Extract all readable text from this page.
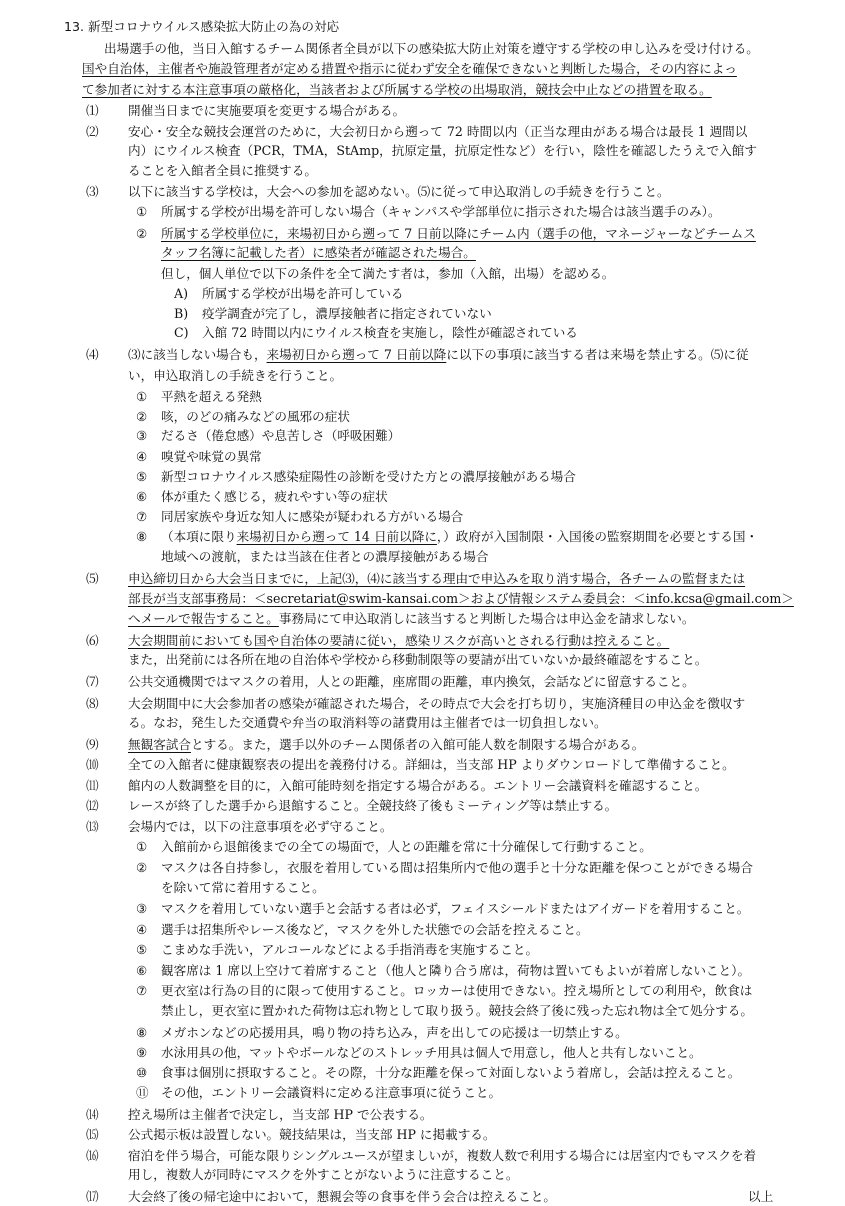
13. 新型コロナウイルス感染拡大防止の為の対応
出場選手の他，当日入館するチーム関係者全員が以下の感染拡大防止対策を遵守する学校の申し込みを受け付ける。
国や自治体，主催者や施設管理者が定める措置や指示に従わず安全を確保できないと判断した場合，その内容によっ
て参加者に対する本注意事項の厳格化，当該者および所属する学校の出場取消，競技会中止などの措置を取る。
⑴ 開催当日までに実施要項を変更する場合がある。
⑵ 安心・安全な競技会運営のために，大会初日から遡って 72 時間以内（正当な理由がある場合は最長 1 週間以
内）にウイルス検査（PCR，TMA，StAmp，抗原定量，抗原定性など）を行い，陰性を確認したうえで入館す
ることを入館者全員に推奨する。
⑶ 以下に該当する学校は，大会への参加を認めない。⑸に従って申込取消しの手続きを行うこと。
① 所属する学校が出場を許可しない場合（キャンパスや学部単位に指示された場合は該当選手のみ）。
② 所属する学校単位に，来場初日から遡って 7 日前以降にチーム内（選手の他，マネージャーなどチームス
タッフ名簿に記載した者）に感染者が確認された場合。
但し，個人単位で以下の条件を全て満たす者は，参加（入館，出場）を認める。
A) 所属する学校が出場を許可している
B) 疫学調査が完了し，濃厚接触者に指定されていない
C) 入館 72 時間以内にウイルス検査を実施し，陰性が確認されている
⑷ ⑶に該当しない場合も，来場初日から遡って 7 日前以降に以下の事項に該当する者は来場を禁止する。⑸に従
い，申込取消しの手続きを行うこと。
① 平熱を超える発熱
② 咳，のどの痛みなどの風邪の症状
③ だるさ（倦怠感）や息苦しさ（呼吸困難）
④ 嗅覚や味覚の異常
⑤ 新型コロナウイルス感染症陽性の診断を受けた方との濃厚接触がある場合
⑥ 体が重たく感じる，疲れやすい等の症状
⑦ 同居家族や身近な知人に感染が疑われる方がいる場合
⑧ （本項に限り来場初日から遡って 14 日前以降に，）政府が入国制限・入国後の監察期間を必要とする国・
地域への渡航，または当該在住者との濃厚接触がある場合
⑸ 申込締切日から大会当日までに，上記⑶，⑷に該当する理由で申込みを取り消す場合，各チームの監督または
部長が当支部事務局：＜secretariat@swim-kansai.com＞および情報システム委員会：＜info.kcsa@gmail.com＞
へメールで報告すること。事務局にて申込取消しに該当すると判断した場合は申込金を請求しない。
⑹ 大会期間前においても国や自治体の要請に従い，感染リスクが高いとされる行動は控えること。
また，出発前には各所在地の自治体や学校から移動制限等の要請が出ていないか最終確認をすること。
⑺ 公共交通機関ではマスクの着用，人との距離，座席間の距離，車内換気，会話などに留意すること。
⑻ 大会期間中に大会参加者の感染が確認された場合，その時点で大会を打ち切り，実施済種目の申込金を徴収す
る。なお，発生した交通費や弁当の取消料等の諸費用は主催者では一切負担しない。
⑼ 無観客試合とする。また，選手以外のチーム関係者の入館可能人数を制限する場合がある。
⑽ 全ての入館者に健康観察表の提出を義務付ける。詳細は，当支部 HP よりダウンロードして準備すること。
⑾ 館内の人数調整を目的に，入館可能時刻を指定する場合がある。エントリー会議資料を確認すること。
⑿ レースが終了した選手から退館すること。全競技終了後もミーティング等は禁止する。
⒀ 会場内では，以下の注意事項を必ず守ること。
① 入館前から退館後までの全ての場面で，人との距離を常に十分確保して行動すること。
② マスクは各自持参し，衣服を着用している間は招集所内で他の選手と十分な距離を保つことができる場合
を除いて常に着用すること。
③ マスクを着用していない選手と会話する者は必ず，フェイスシールドまたはアイガードを着用すること。
④ 選手は招集所やレース後など，マスクを外した状態での会話を控えること。
⑤ こまめな手洗い，アルコールなどによる手指消毒を実施すること。
⑥ 観客席は 1 席以上空けて着席すること（他人と隣り合う席は，荷物は置いてもよいが着席しないこと）。
⑦ 更衣室は行為の目的に限って使用すること。ロッカーは使用できない。控え場所としての利用や，飲食は
禁止し，更衣室に置かれた荷物は忘れ物として取り扱う。競技会終了後に残った忘れ物は全て処分する。
⑧ メガホンなどの応援用具，鳴り物の持ち込み，声を出しての応援は一切禁止する。
⑨ 水泳用具の他，マットやボールなどのストレッチ用具は個人で用意し，他人と共有しないこと。
⑩ 食事は個別に摂取すること。その際，十分な距離を保って対面しないよう着席し，会話は控えること。
⑪ その他，エントリー会議資料に定める注意事項に従うこと。
⒁ 控え場所は主催者で決定し，当支部 HP で公表する。
⒂ 公式掲示板は設置しない。競技結果は，当支部 HP に掲載する。
⒃ 宿泊を伴う場合，可能な限りシングルユースが望ましいが，複数人数で利用する場合には居室内でもマスクを着
用し，複数人が同時にマスクを外すことがないように注意すること。
⒄ 大会終了後の帰宅途中において，懇親会等の食事を伴う会合は控えること。	以上
